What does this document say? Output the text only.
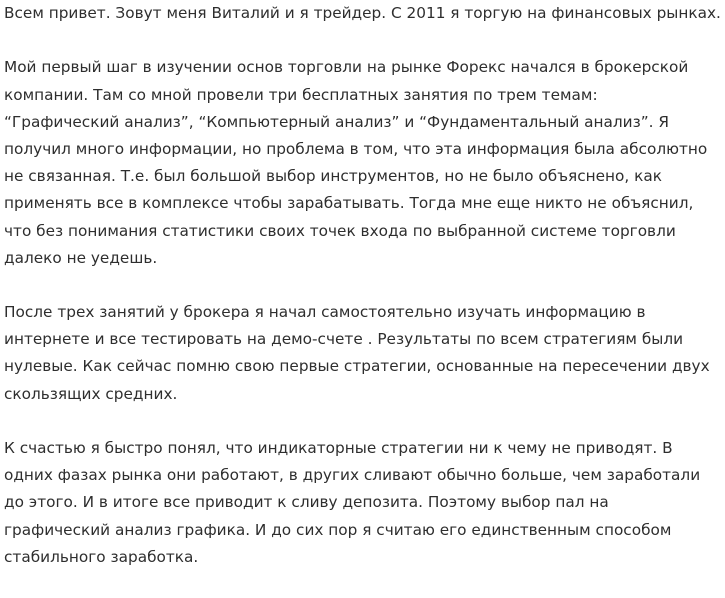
Всем привет. Зовут меня Виталий и я трейдер. С 2011 я торгую на финансовых рынках.

Мой первый шаг в изучении основ торговли на рынке Форекс начался в брокерской
компании. Там со мной провели три бесплатных занятия по трем темам:
“Графический анализ”, “Компьютерный анализ” и “Фундаментальный анализ”. Я
получил много информации, но проблема в том, что эта информация была абсолютно
не связанная. Т.е. был большой выбор инструментов, но не было объяснено, как
применять все в комплексе чтобы зарабатывать. Тогда мне еще никто не объяснил,
что без понимания статистики своих точек входа по выбранной системе торговли
далеко не уедешь.

После трех занятий у брокера я начал самостоятельно изучать информацию в
интернете и все тестировать на демо-счете . Результаты по всем стратегиям были
нулевые. Как сейчас помню свою первые стратегии, основанные на пересечении двух
скользящих средних.

К счастью я быстро понял, что индикаторные стратегии ни к чему не приводят. В
одних фазах рынка они работают, в других сливают обычно больше, чем заработали
до этого. И в итоге все приводит к сливу депозита. Поэтому выбор пал на
графический анализ графика. И до сих пор я считаю его единственным способом
стабильного заработка.
